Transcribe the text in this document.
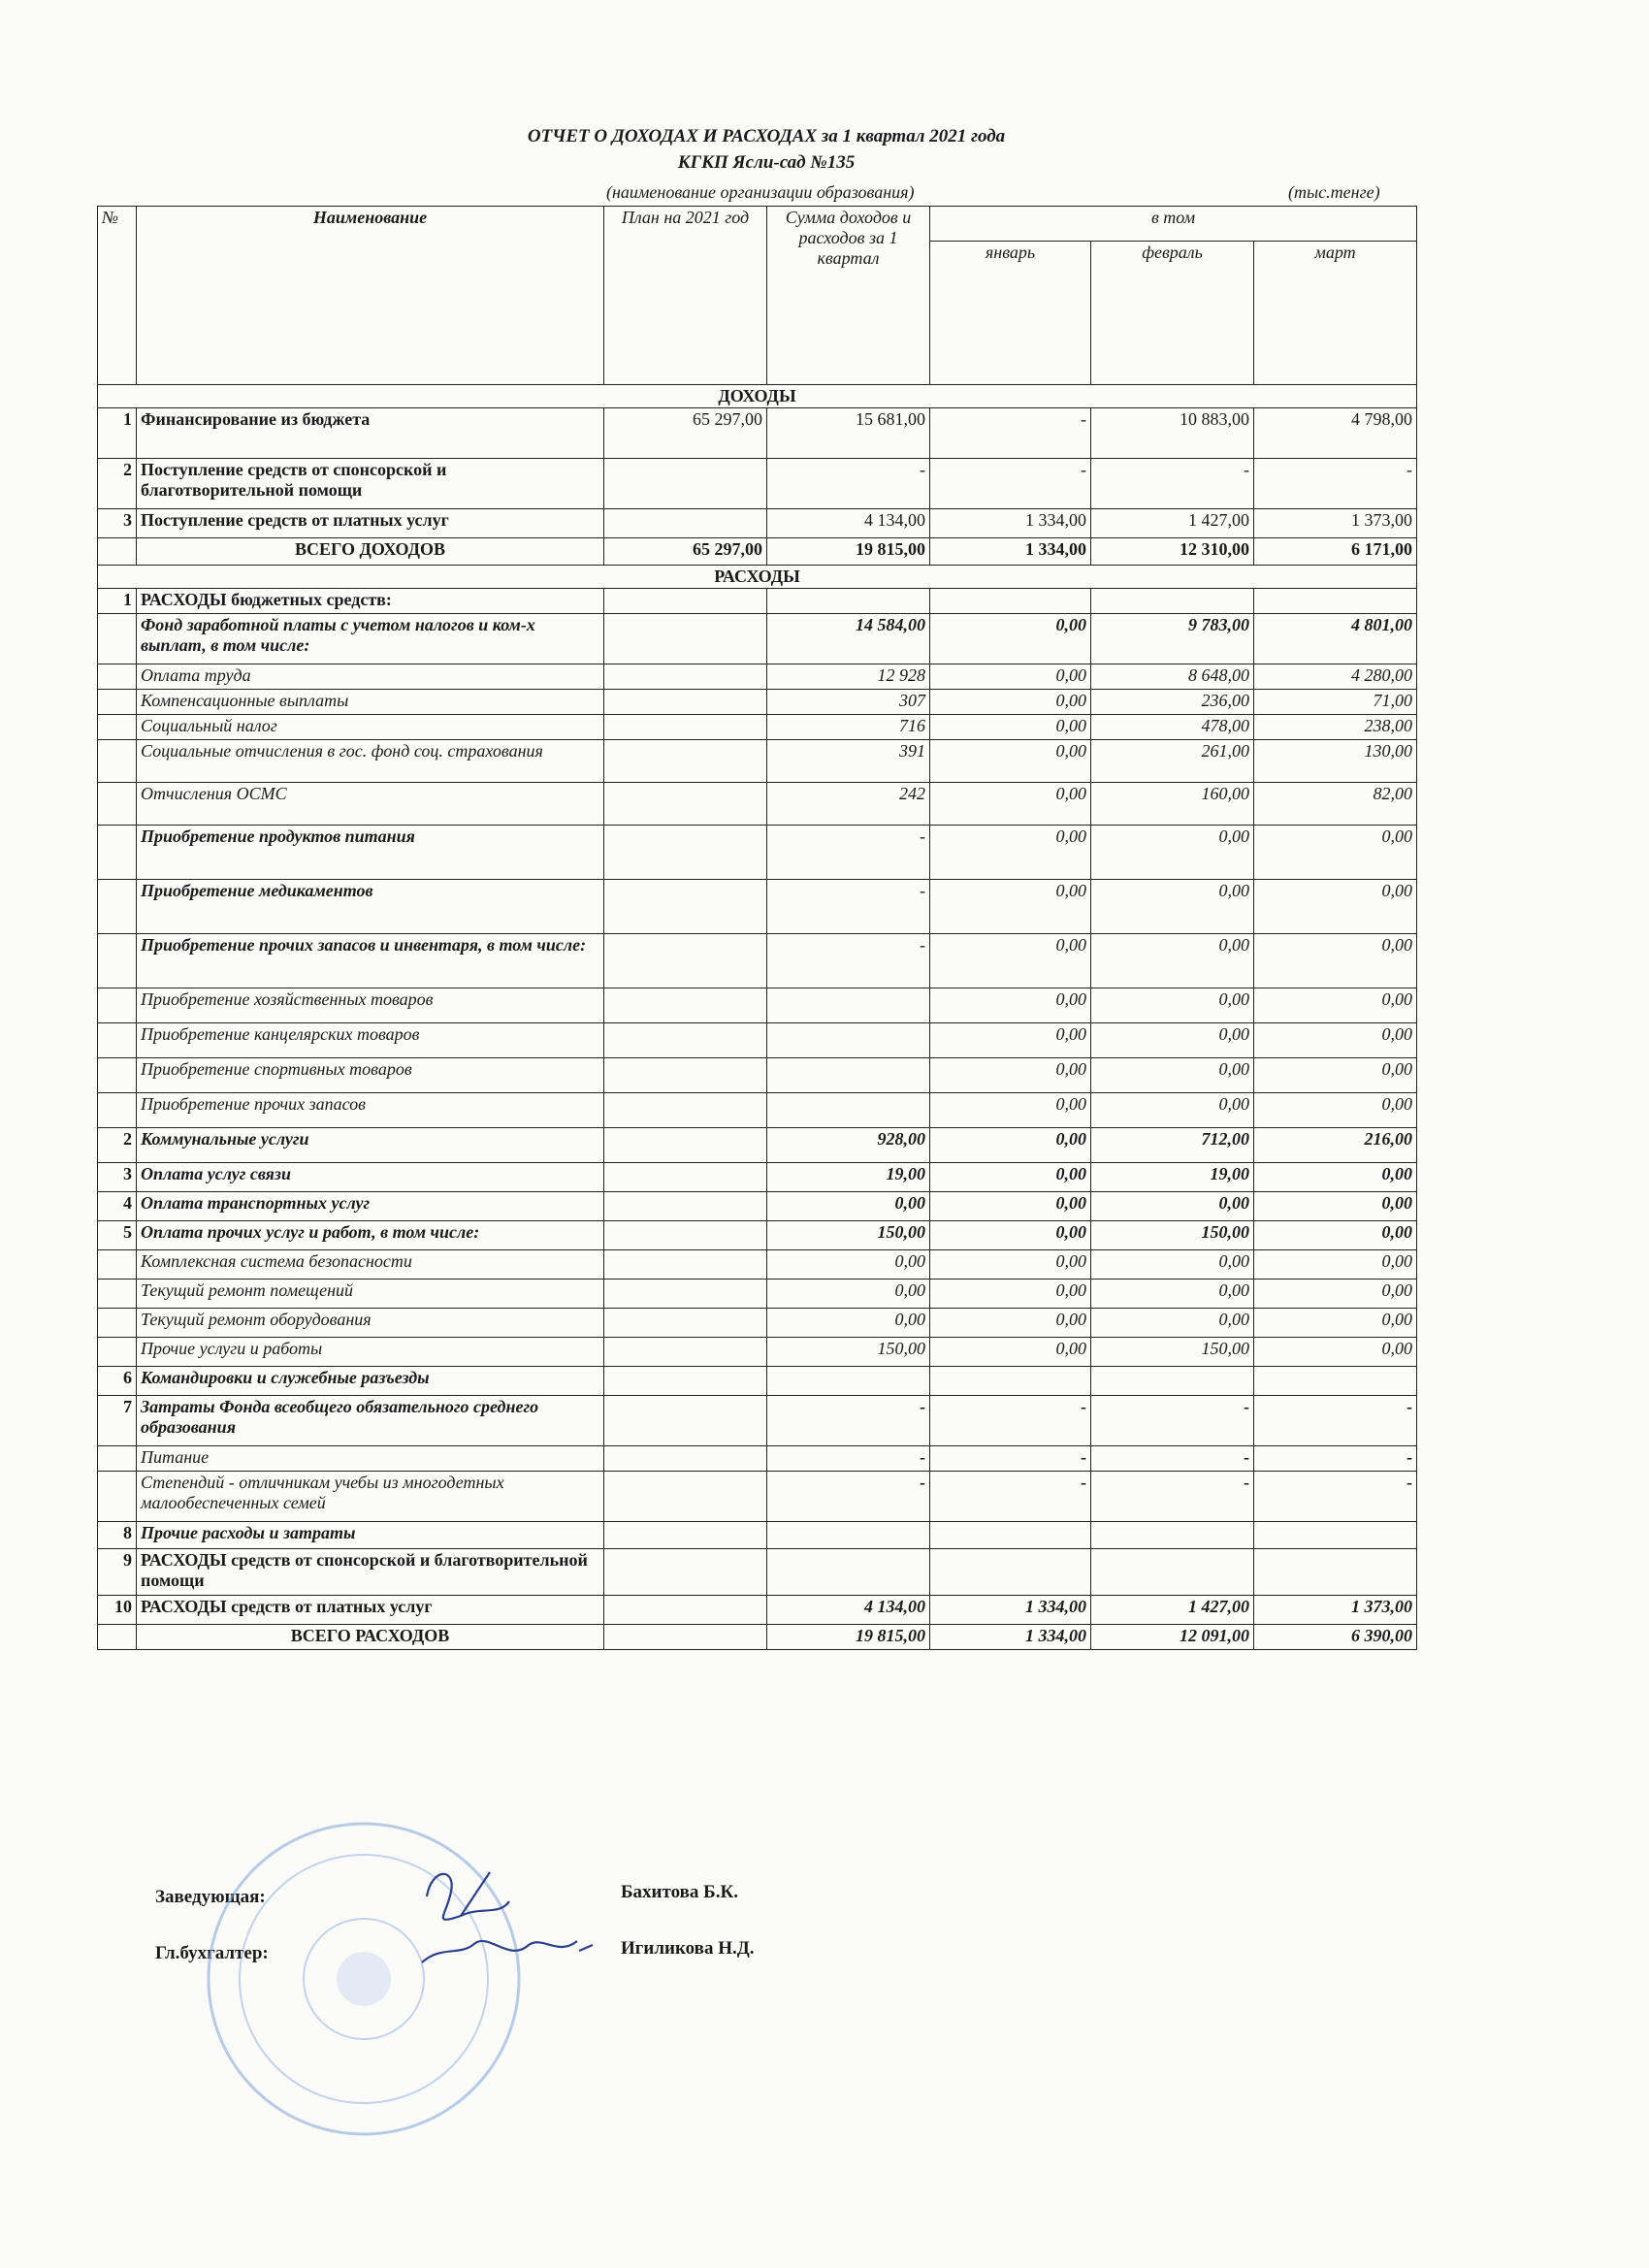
ОТЧЕТ О ДОХОДАХ И РАСХОДАХ за 1 квартал 2021 года
КГКП Ясли-сад №135
(наименование организации образования)	(тыс.тенге)
№	Наименование	План на 2021 год	Сумма доходов и расходов за 1 квартал	в том		
				январь	февраль	март
ДОХОДЫ						
1	Финансирование из бюджета	65 297,00	15 681,00	-	10 883,00	4 798,00
2	Поступление средств от спонсорской и благотворительной помощи		-	-	-	-
3	Поступление средств от платных услуг		4 134,00	1 334,00	1 427,00	1 373,00
	ВСЕГО ДОХОДОВ	65 297,00	19 815,00	1 334,00	12 310,00	6 171,00
РАСХОДЫ						
1	РАСХОДЫ бюджетных средств:					
	Фонд заработной платы с учетом налогов и ком-х выплат, в том числе:		14 584,00	0,00	9 783,00	4 801,00
	Оплата труда		12 928	0,00	8 648,00	4 280,00
	Компенсационные выплаты		307	0,00	236,00	71,00
	Социальный налог		716	0,00	478,00	238,00
	Социальные отчисления в гос. фонд соц. страхования		391	0,00	261,00	130,00
	Отчисления ОСМС		242	0,00	160,00	82,00
	Приобретение продуктов питания		-	0,00	0,00	0,00
	Приобретение медикаментов		-	0,00	0,00	0,00
	Приобретение прочих запасов и инвентаря, в том числе:		-	0,00	0,00	0,00
	Приобретение хозяйственных товаров			0,00	0,00	0,00
	Приобретение канцелярских товаров			0,00	0,00	0,00
	Приобретение спортивных товаров			0,00	0,00	0,00
	Приобретение прочих запасов			0,00	0,00	0,00
2	Коммунальные услуги		928,00	0,00	712,00	216,00
3	Оплата услуг связи		19,00	0,00	19,00	0,00
4	Оплата транспортных услуг		0,00	0,00	0,00	0,00
5	Оплата прочих услуг и работ, в том числе:		150,00	0,00	150,00	0,00
	Комплексная система безопасности		0,00	0,00	0,00	0,00
	Текущий ремонт помещений		0,00	0,00	0,00	0,00
	Текущий ремонт оборудования		0,00	0,00	0,00	0,00
	Прочие услуги и работы		150,00	0,00	150,00	0,00
6	Командировки и служебные разъезды					
7	Затраты Фонда всеобщего обязательного среднего образования		-	-	-	-
	Питание		-	-	-	-
	Степендий - отличникам учебы из многодетных малообеспеченных семей		-	-	-	-
8	Прочие расходы и затраты					
9	РАСХОДЫ средств от спонсорской и благотворительной помощи					
10	РАСХОДЫ средств от платных услуг		4 134,00	1 334,00	1 427,00	1 373,00
	ВСЕГО РАСХОДОВ		19 815,00	1 334,00	12 091,00	6 390,00
Заведующая:	Бахитова Б.К.
Гл.бухгалтер:	Игиликова Н.Д.
